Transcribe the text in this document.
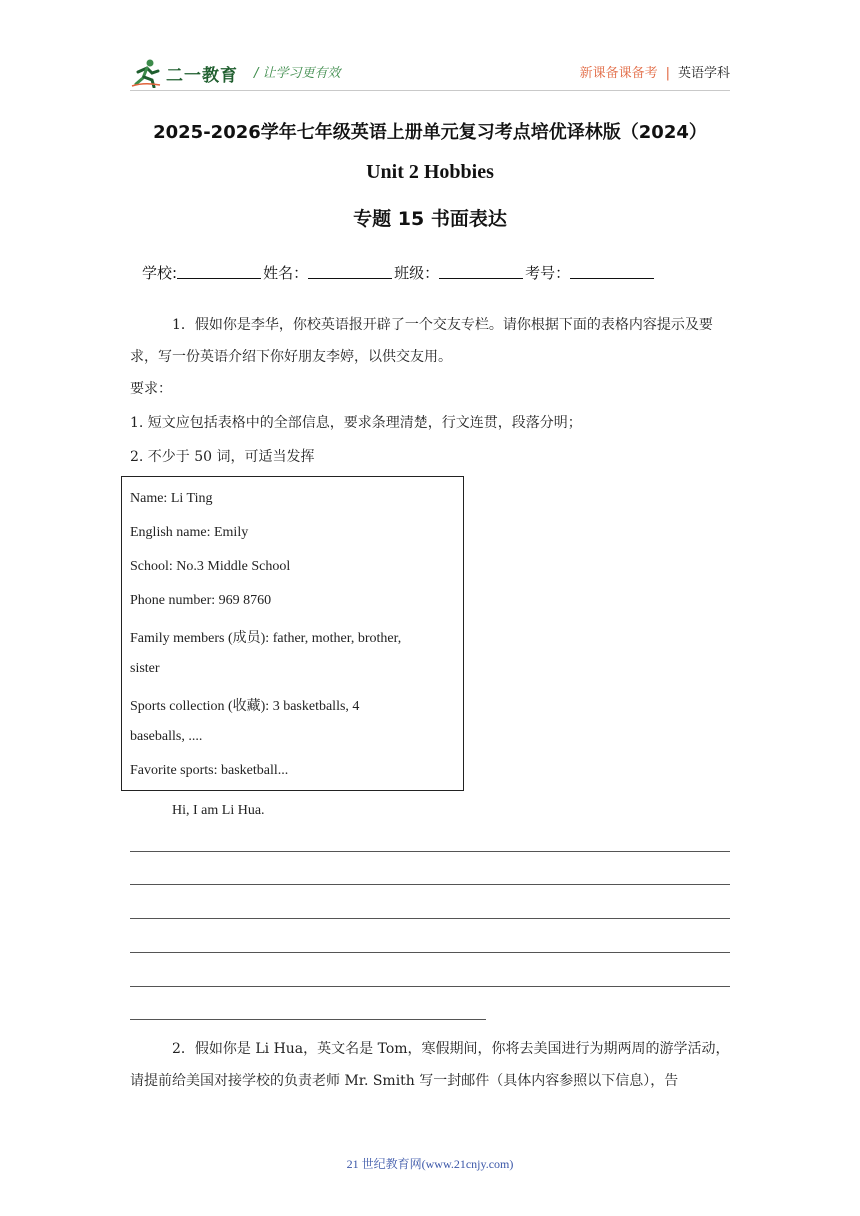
二一教育 / 让学习更有效	新课备课备考 | 英语学科
2025-2026学年七年级英语上册单元复习考点培优译林版（2024）
Unit 2 Hobbies
专题 15 书面表达
学校:	姓名：	班级：	考号：
1．假如你是李华，你校英语报开辟了一个交友专栏。请你根据下面的表格内容提示及要求，写一份英语介绍下你好朋友李婷，以供交友用。
要求：
1. 短文应包括表格中的全部信息，要求条理清楚，行文连贯，段落分明；
2. 不少于 50 词，可适当发挥
Name: Li Ting
English name: Emily
School: No.3 Middle School
Phone number: 969 8760
Family members (成员): father, mother, brother,
sister
Sports collection (收藏): 3 basketballs, 4
baseballs, ....
Favorite sports: basketball...
Hi, I am Li Hua.
2．假如你是 Li Hua，英文名是 Tom，寒假期间，你将去美国进行为期两周的游学活动，请提前给美国对接学校的负责老师 Mr. Smith 写一封邮件（具体内容参照以下信息），告
21 世纪教育网(www.21cnjy.com)
